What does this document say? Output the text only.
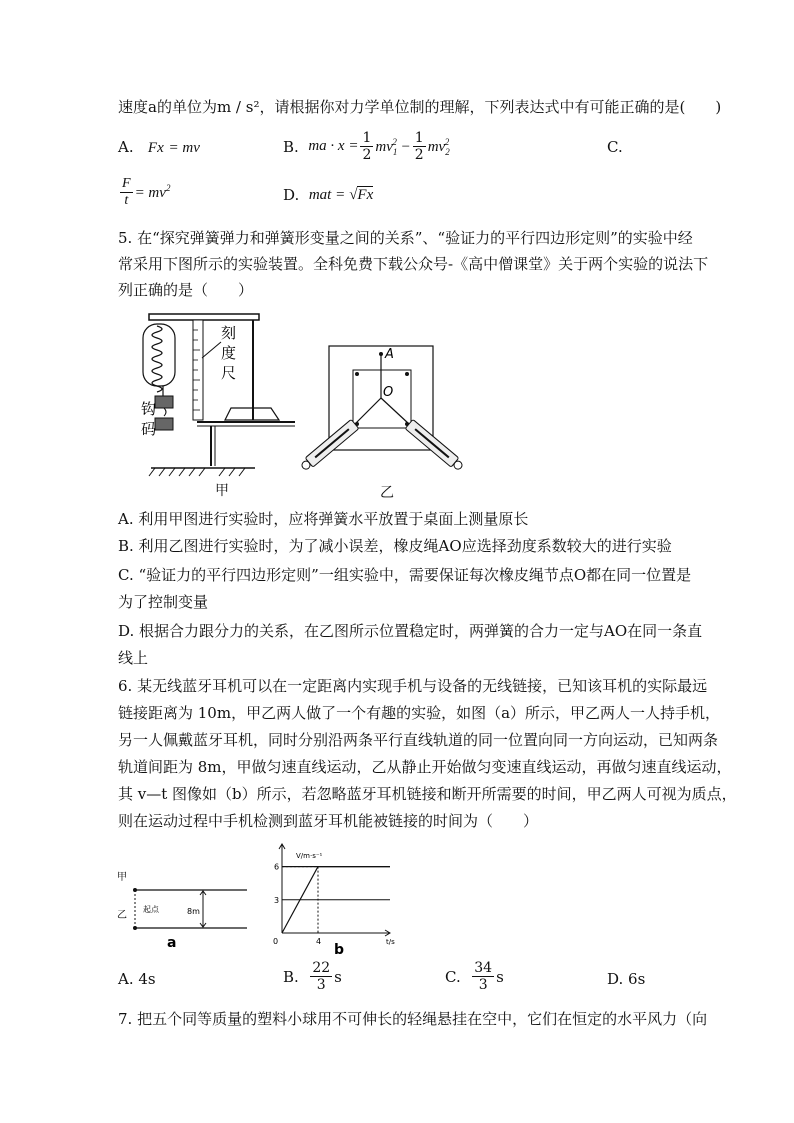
速度a的单位为m / s²，请根据你对力学单位制的理解，下列表达式中有可能正确的是(　　)
A. Fx = mv	B.
ma · $x = \frac{1}{2} mv_1^2 - \frac{1}{2} mv_2^2$	C.
$\frac{F}{t} = mv^2$	D.
mat = √Fx
5. 在“探究弹簧弹力和弹簧形变量之间的关系”、“验证力的平行四边形定则”的实验中经
常采用下图所示的实验装置。全科免费下载公众号-《高中僧课堂》关于两个实验的说法下
列正确的是（　　）
刻
度
尺
钩
码
甲
A
O
乙
A. 利用甲图进行实验时，应将弹簧水平放置于桌面上测量原长
B. 利用乙图进行实验时，为了减小误差，橡皮绳AO应选择劲度系数较大的进行实验
C. “验证力的平行四边形定则”一组实验中，需要保证每次橡皮绳节点O都在同一位置是
为了控制变量
D. 根据合力跟分力的关系，在乙图所示位置稳定时，两弹簧的合力一定与AO在同一条直
线上
6. 某无线蓝牙耳机可以在一定距离内实现手机与设备的无线链接，已知该耳机的实际最远
链接距离为 10m，甲乙两人做了一个有趣的实验，如图（a）所示，甲乙两人一人持手机，
另一人佩戴蓝牙耳机，同时分别沿两条平行直线轨道的同一位置向同一方向运动，已知两条
轨道间距为 8m，甲做匀速直线运动，乙从静止开始做匀变速直线运动，再做匀速直线运动，
其 v—t 图像如（b）所示，若忽略蓝牙耳机链接和断开所需要的时间，甲乙两人可视为质点，
则在运动过程中手机检测到蓝牙耳机能被链接的时间为（　　）
甲
乙
起点	8m
a
V/m·s⁻¹
t/s
0	4
6
3
b
A. 4s	B.
$\frac{22}{3}$ s	C.
$\frac{34}{3}$ s	D. 6s
7. 把五个同等质量的塑料小球用不可伸长的轻绳悬挂在空中，它们在恒定的水平风力（向
